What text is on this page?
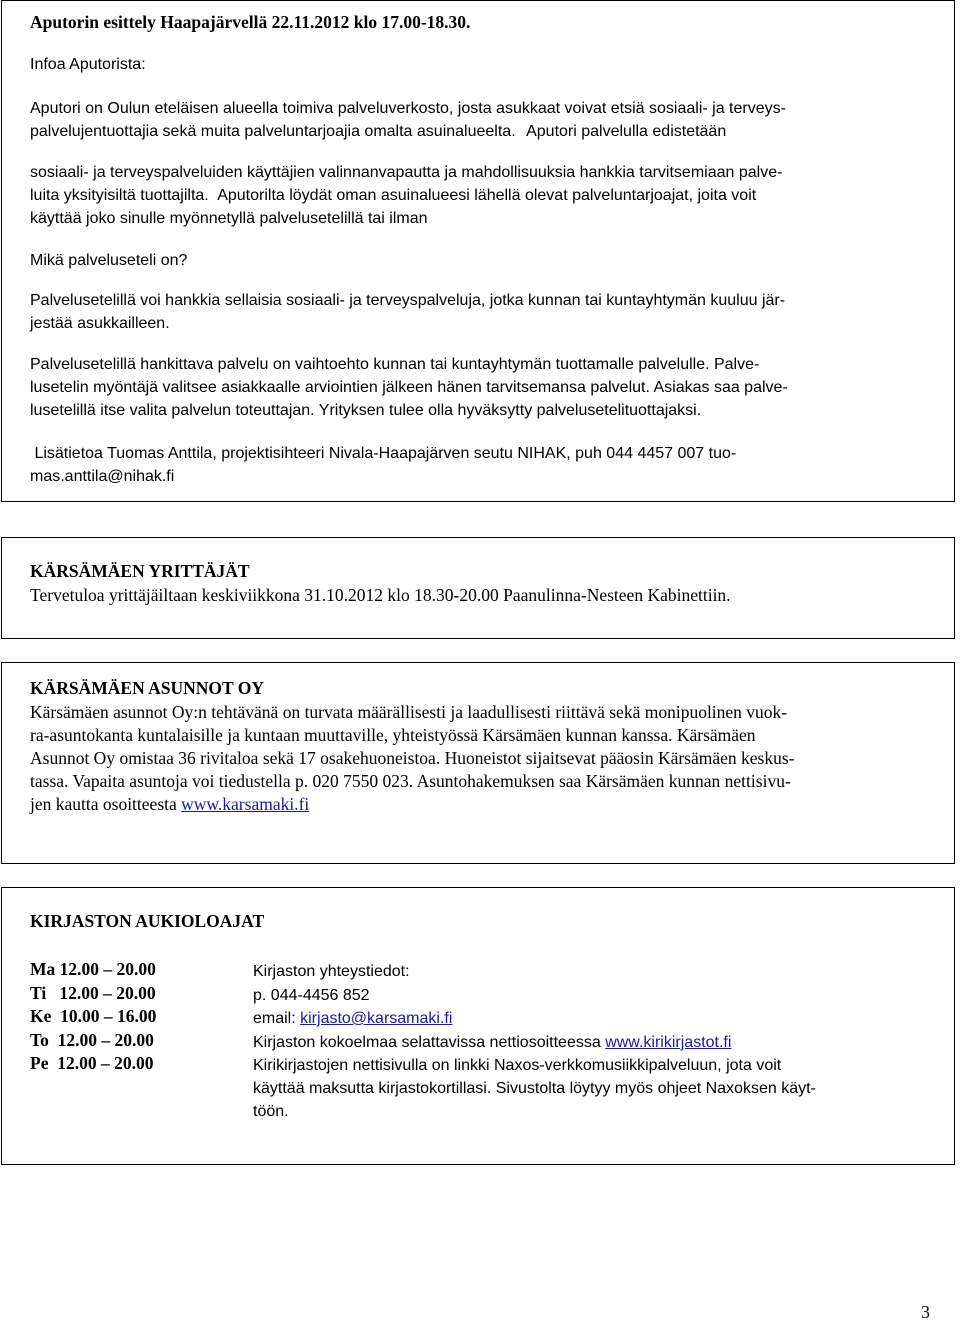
Aputorin esittely Haapajärvellä 22.11.2012 klo 17.00-18.30.
Infoa Aputorista:
Aputori on Oulun eteläisen alueella toimiva palveluverkosto, josta asukkaat voivat etsiä sosiaali- ja terveys-
palvelujentuottajia sekä muita palveluntarjoajia omalta asuinalueelta. Aputori palvelulla edistetään
sosiaali- ja terveyspalveluiden käyttäjien valinnanvapautta ja mahdollisuuksia hankkia tarvitsemiaan palve-
luita yksityisiltä tuottajilta. Aputorilta löydät oman asuinalueesi lähellä olevat palveluntarjoajat, joita voit
käyttää joko sinulle myönnetyllä palvelusetelillä tai ilman
Mikä palveluseteli on?
Palvelusetelillä voi hankkia sellaisia sosiaali- ja terveyspalveluja, jotka kunnan tai kuntayhtymän kuuluu jär-
jestää asukkailleen.
Palvelusetelillä hankittava palvelu on vaihtoehto kunnan tai kuntayhtymän tuottamalle palvelulle. Palve-
lusetelin myöntäjä valitsee asiakkaalle arviointien jälkeen hänen tarvitsemansa palvelut. Asiakas saa palve-
lusetelillä itse valita palvelun toteuttajan. Yrityksen tulee olla hyväksytty palvelusetelituottajaksi.
Lisätietoa Tuomas Anttila, projektisihteeri Nivala-Haapajärven seutu NIHAK, puh 044 4457 007 tuo-
mas.anttila@nihak.fi
KÄRSÄMÄEN YRITTÄJÄT
Tervetuloa yrittäjäiltaan keskiviikkona 31.10.2012 klo 18.30-20.00 Paanulinna-Nesteen Kabinettiin.
KÄRSÄMÄEN ASUNNOT OY
Kärsämäen asunnot Oy:n tehtävänä on turvata määrällisesti ja laadullisesti riittävä sekä monipuolinen vuok-
ra-asuntokanta kuntalaisille ja kuntaan muuttaville, yhteistyössä Kärsämäen kunnan kanssa. Kärsämäen
Asunnot Oy omistaa 36 rivitaloa sekä 17 osakehuoneistoa. Huoneistot sijaitsevat pääosin Kärsämäen keskus-
tassa. Vapaita asuntoja voi tiedustella p. 020 7550 023. Asuntohakemuksen saa Kärsämäen kunnan nettisivu-
jen kautta osoitteesta www.karsamaki.fi
KIRJASTON AUKIOLOAJAT
Ma 12.00 – 20.00
Ti   12.00 – 20.00
Ke  10.00 – 16.00
To  12.00 – 20.00
Pe  12.00 – 20.00
Kirjaston yhteystiedot:
p. 044-4456 852
email: kirjasto@karsamaki.fi
Kirjaston kokoelmaa selattavissa nettiosoitteessa www.kirikirjastot.fi
Kirikirjastojen nettisivulla on linkki Naxos-verkkomusiikkipalveluun, jota voit
käyttää maksutta kirjastokortillasi. Sivustolta löytyy myös ohjeet Naxoksen käyt-
töön.
3
